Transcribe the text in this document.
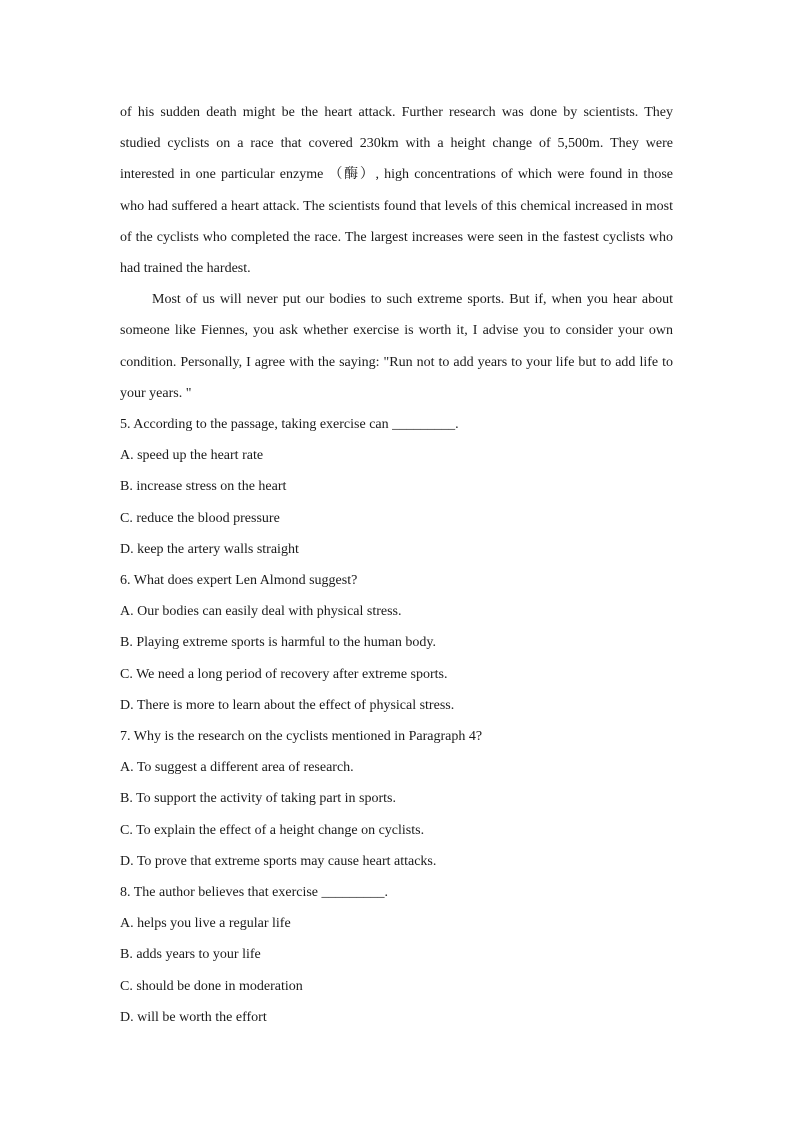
of his sudden death might be the heart attack. Further research was done by scientists. They studied cyclists on a race that covered 230km with a height change of 5,500m. They were interested in one particular enzyme （酶）, high concentrations of which were found in those who had suffered a heart attack. The scientists found that levels of this chemical increased in most of the cyclists who completed the race. The largest increases were seen in the fastest cyclists who had trained the hardest.

Most of us will never put our bodies to such extreme sports. But if, when you hear about someone like Fiennes, you ask whether exercise is worth it, I advise you to consider your own condition. Personally, I agree with the saying: "Run not to add years to your life but to add life to your years. "

5. According to the passage, taking exercise can _________.

A. speed up the heart rate

B. increase stress on the heart

C. reduce the blood pressure

D. keep the artery walls straight

6. What does expert Len Almond suggest?

A. Our bodies can easily deal with physical stress.

B. Playing extreme sports is harmful to the human body.

C. We need a long period of recovery after extreme sports.

D. There is more to learn about the effect of physical stress.

7. Why is the research on the cyclists mentioned in Paragraph 4?

A. To suggest a different area of research.

B. To support the activity of taking part in sports.

C. To explain the effect of a height change on cyclists.

D. To prove that extreme sports may cause heart attacks.

8. The author believes that exercise _________.

A. helps you live a regular life

B. adds years to your life

C. should be done in moderation

D. will be worth the effort
